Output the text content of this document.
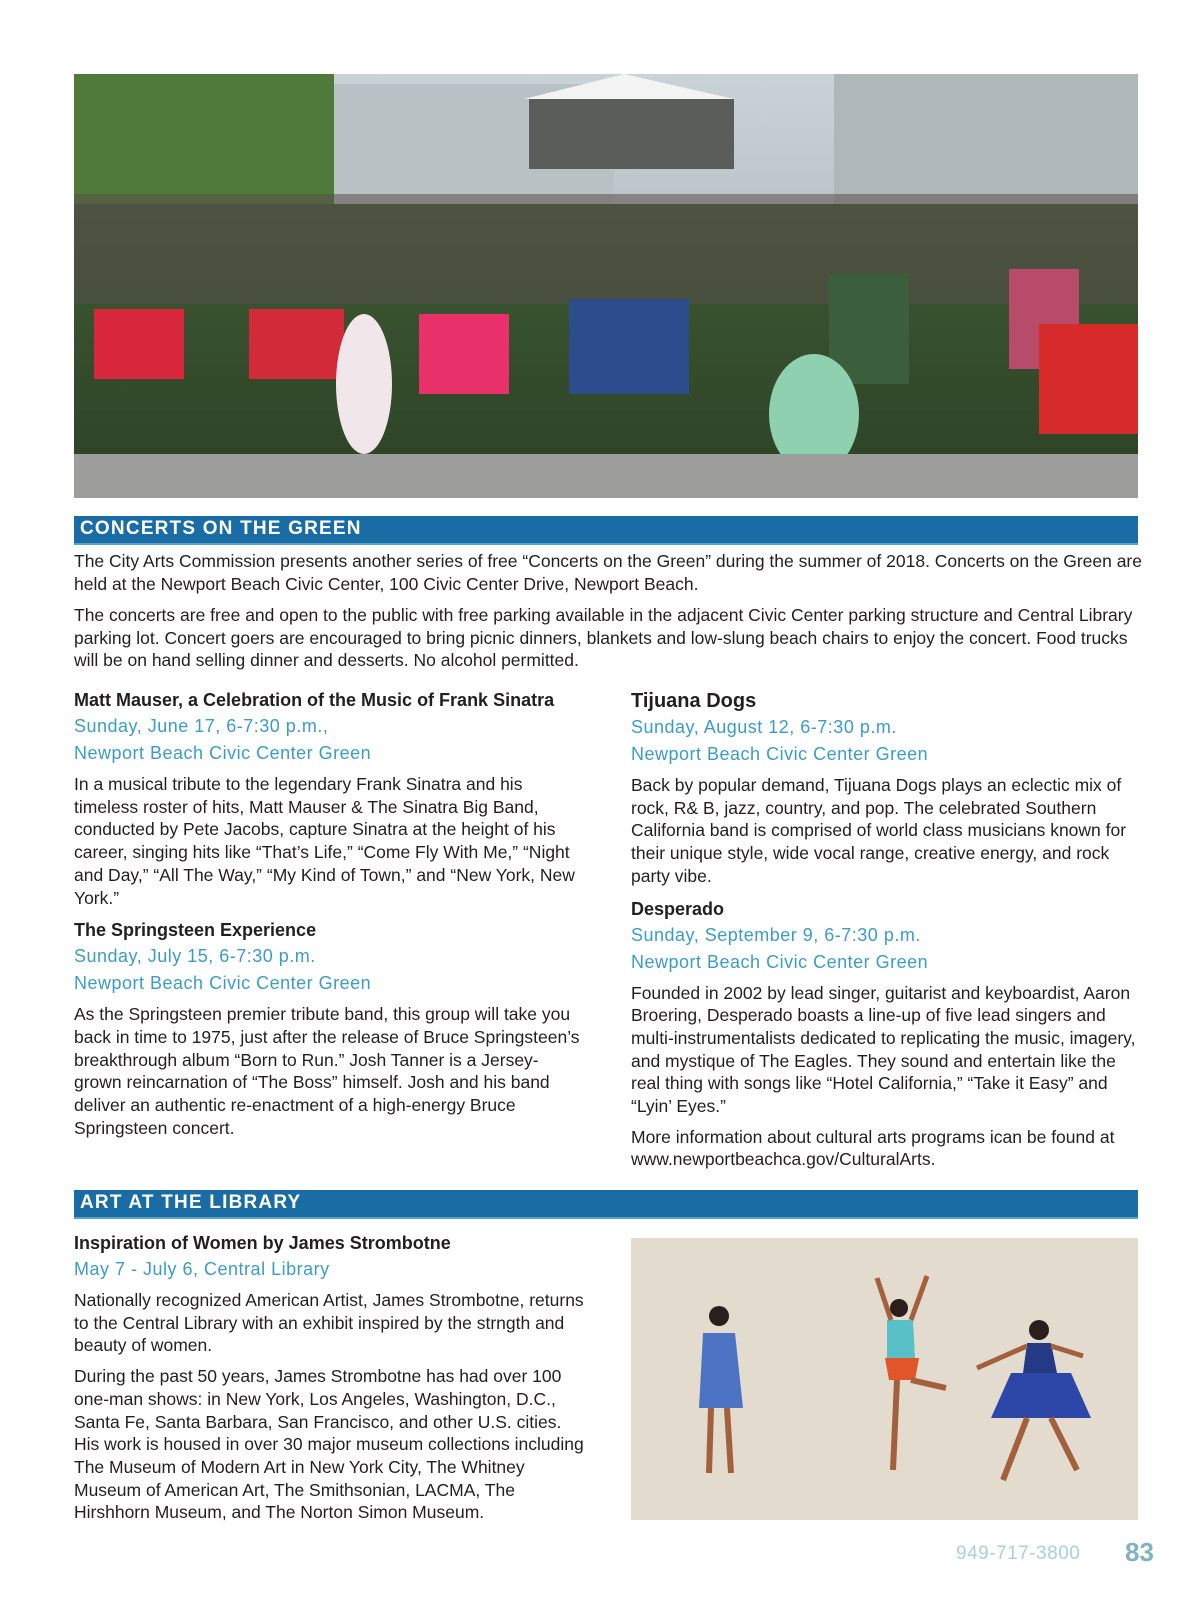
CONCERTS ON THE GREEN

The City Arts Commission presents another series of free “Concerts on the Green” during the summer of 2018. Concerts on the Green are held at the Newport Beach Civic Center, 100 Civic Center Drive, Newport Beach.

The concerts are free and open to the public with free parking available in the adjacent Civic Center parking structure and Central Library parking lot. Concert goers are encouraged to bring picnic dinners, blankets and low-slung beach chairs to enjoy the concert. Food trucks will be on hand selling dinner and desserts. No alcohol permitted.

Matt Mauser, a Celebration of the Music of Frank Sinatra
Sunday, June 17, 6-7:30 p.m.,
Newport Beach Civic Center Green

In a musical tribute to the legendary Frank Sinatra and his timeless roster of hits, Matt Mauser & The Sinatra Big Band, conducted by Pete Jacobs, capture Sinatra at the height of his career, singing hits like “That’s Life,” “Come Fly With Me,” “Night and Day,” “All The Way,” “My Kind of Town,” and “New York, New York.”

The Springsteen Experience
Sunday, July 15, 6-7:30 p.m.
Newport Beach Civic Center Green

As the Springsteen premier tribute band, this group will take you back in time to 1975, just after the release of Bruce Springsteen’s breakthrough album “Born to Run.” Josh Tanner is a Jersey-grown reincarnation of “The Boss” himself. Josh and his band deliver an authentic re-enactment of a high-energy Bruce Springsteen concert.

Tijuana Dogs
Sunday, August 12, 6-7:30 p.m.
Newport Beach Civic Center Green

Back by popular demand, Tijuana Dogs plays an eclectic mix of rock, R& B, jazz, country, and pop. The celebrated Southern California band is comprised of world class musicians known for their unique style, wide vocal range, creative energy, and rock party vibe.

Desperado
Sunday, September 9, 6-7:30 p.m.
Newport Beach Civic Center Green

Founded in 2002 by lead singer, guitarist and keyboardist, Aaron Broering, Desperado boasts a line-up of five lead singers and multi-instrumentalists dedicated to replicating the music, imagery, and mystique of The Eagles. They sound and entertain like the real thing with songs like “Hotel California,” “Take it Easy” and “Lyin’ Eyes.”

More information about cultural arts programs ican be found at www.newportbeachca.gov/CulturalArts.

ART AT THE LIBRARY
Inspiration of Women by James Strombotne
May 7 - July 6, Central Library

Nationally recognized American Artist, James Strombotne, returns to the Central Library with an exhibit inspired by the strngth and beauty of women.

During the past 50 years, James Strombotne has had over 100 one-man shows: in New York, Los Angeles, Washington, D.C., Santa Fe, Santa Barbara, San Francisco, and other U.S. cities. His work is housed in over 30 major museum collections including The Museum of Modern Art in New York City, The Whitney Museum of American Art, The Smithsonian, LACMA, The Hirshhorn Museum, and The Norton Simon Museum.

949-717-3800 83
